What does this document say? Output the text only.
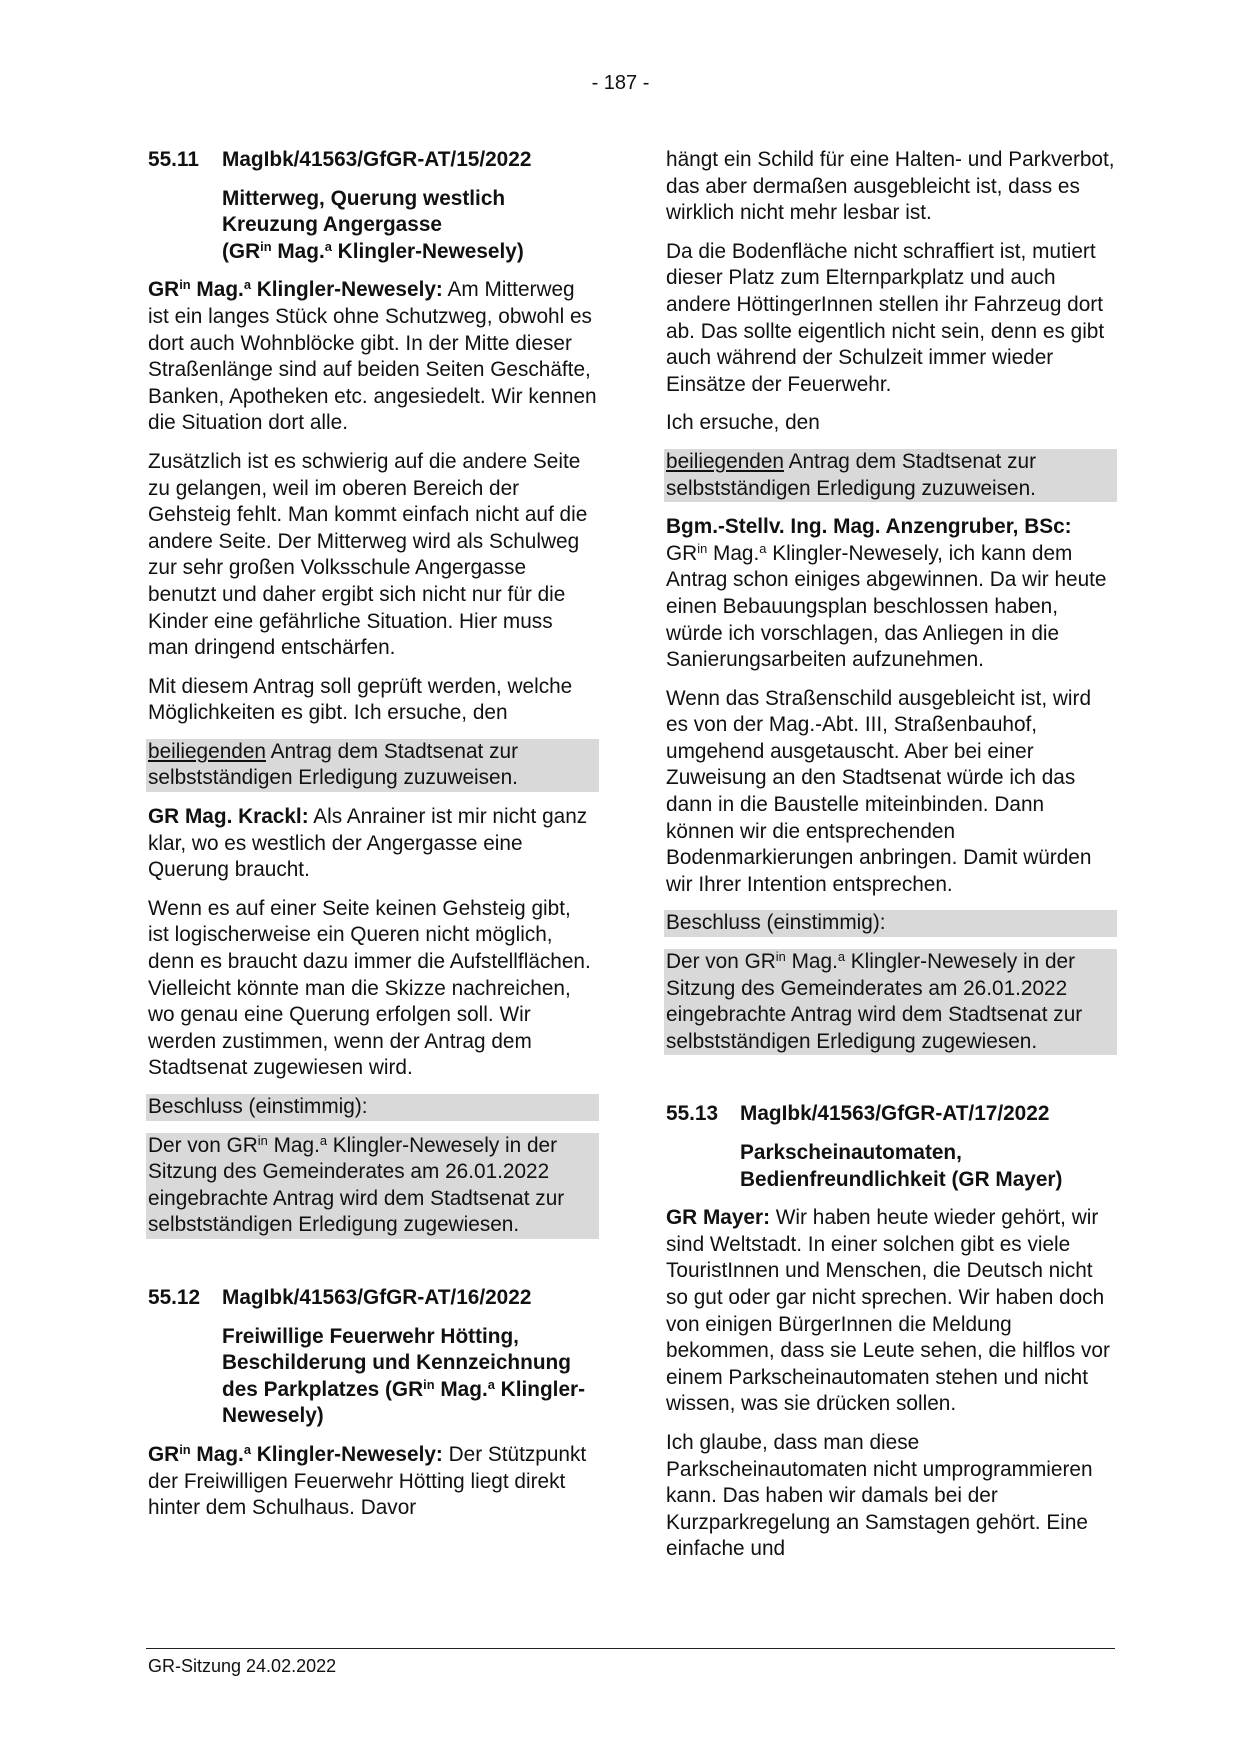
- 187 -
55.11	MagIbk/41563/GfGR-AT/15/2022
Mitterweg, Querung westlich
Kreuzung Angergasse
($GR^{in}$ Mag.$^a$ Klingler-Newesely)

$GR^{in}$ Mag.$^a$ Klingler-Newesely: Am Mitterweg ist ein langes Stück ohne Schutzweg, obwohl es dort auch Wohnblöcke gibt. In der Mitte dieser Straßenlänge sind auf beiden Seiten Geschäfte, Banken, Apotheken etc. angesiedelt. Wir kennen die Situation dort alle.

Zusätzlich ist es schwierig auf die andere Seite zu gelangen, weil im oberen Bereich der Gehsteig fehlt. Man kommt einfach nicht auf die andere Seite. Der Mitterweg wird als Schulweg zur sehr großen Volksschule Angergasse benutzt und daher ergibt sich nicht nur für die Kinder eine gefährliche Situation. Hier muss man dringend entschärfen.

Mit diesem Antrag soll geprüft werden, welche Möglichkeiten es gibt. Ich ersuche, den

beiliegenden Antrag dem Stadtsenat zur selbstständigen Erledigung zuzuweisen.

GR Mag. Krackl: Als Anrainer ist mir nicht ganz klar, wo es westlich der Angergasse eine Querung braucht.

Wenn es auf einer Seite keinen Gehsteig gibt, ist logischerweise ein Queren nicht möglich, denn es braucht dazu immer die Aufstellflächen. Vielleicht könnte man die Skizze nachreichen, wo genau eine Querung erfolgen soll. Wir werden zustimmen, wenn der Antrag dem Stadtsenat zugewiesen wird.

Beschluss (einstimmig):

Der von $GR^{in}$ Mag.$^a$ Klingler-Newesely in der Sitzung des Gemeinderates am 26.01.2022 eingebrachte Antrag wird dem Stadtsenat zur selbstständigen Erledigung zugewiesen.

55.12	MagIbk/41563/GfGR-AT/16/2022
Freiwillige Feuerwehr Hötting, Beschilderung und Kennzeichnung des Parkplatzes ($GR^{in}$ Mag.$^a$ Klingler-Newesely)

$GR^{in}$ Mag.$^a$ Klingler-Newesely: Der Stützpunkt der Freiwilligen Feuerwehr Hötting liegt direkt hinter dem Schulhaus. Davor

hängt ein Schild für eine Halten- und Parkverbot, das aber dermaßen ausgebleicht ist, dass es wirklich nicht mehr lesbar ist.

Da die Bodenfläche nicht schraffiert ist, mutiert dieser Platz zum Elternparkplatz und auch andere HöttingerInnen stellen ihr Fahrzeug dort ab. Das sollte eigentlich nicht sein, denn es gibt auch während der Schulzeit immer wieder Einsätze der Feuerwehr.

Ich ersuche, den

beiliegenden Antrag dem Stadtsenat zur selbstständigen Erledigung zuzuweisen.

Bgm.-Stellv. Ing. Mag. Anzengruber, BSc: $GR^{in}$ Mag.$^a$ Klingler-Newesely, ich kann dem Antrag schon einiges abgewinnen. Da wir heute einen Bebauungsplan beschlossen haben, würde ich vorschlagen, das Anliegen in die Sanierungsarbeiten aufzunehmen.

Wenn das Straßenschild ausgebleicht ist, wird es von der Mag.-Abt. III, Straßenbauhof, umgehend ausgetauscht. Aber bei einer Zuweisung an den Stadtsenat würde ich das dann in die Baustelle miteinbinden. Dann können wir die entsprechenden Bodenmarkierungen anbringen. Damit würden wir Ihrer Intention entsprechen.

Beschluss (einstimmig):

Der von $GR^{in}$ Mag.$^a$ Klingler-Newesely in der Sitzung des Gemeinderates am 26.01.2022 eingebrachte Antrag wird dem Stadtsenat zur selbstständigen Erledigung zugewiesen.

55.13	MagIbk/41563/GfGR-AT/17/2022
Parkscheinautomaten, Bedienfreundlichkeit (GR Mayer)

GR Mayer: Wir haben heute wieder gehört, wir sind Weltstadt. In einer solchen gibt es viele TouristInnen und Menschen, die Deutsch nicht so gut oder gar nicht sprechen. Wir haben doch von einigen BürgerInnen die Meldung bekommen, dass sie Leute sehen, die hilflos vor einem Parkscheinautomaten stehen und nicht wissen, was sie drücken sollen.

Ich glaube, dass man diese Parkscheinautomaten nicht umprogrammieren kann. Das haben wir damals bei der Kurzparkregelung an Samstagen gehört. Eine einfache und

GR-Sitzung 24.02.2022
